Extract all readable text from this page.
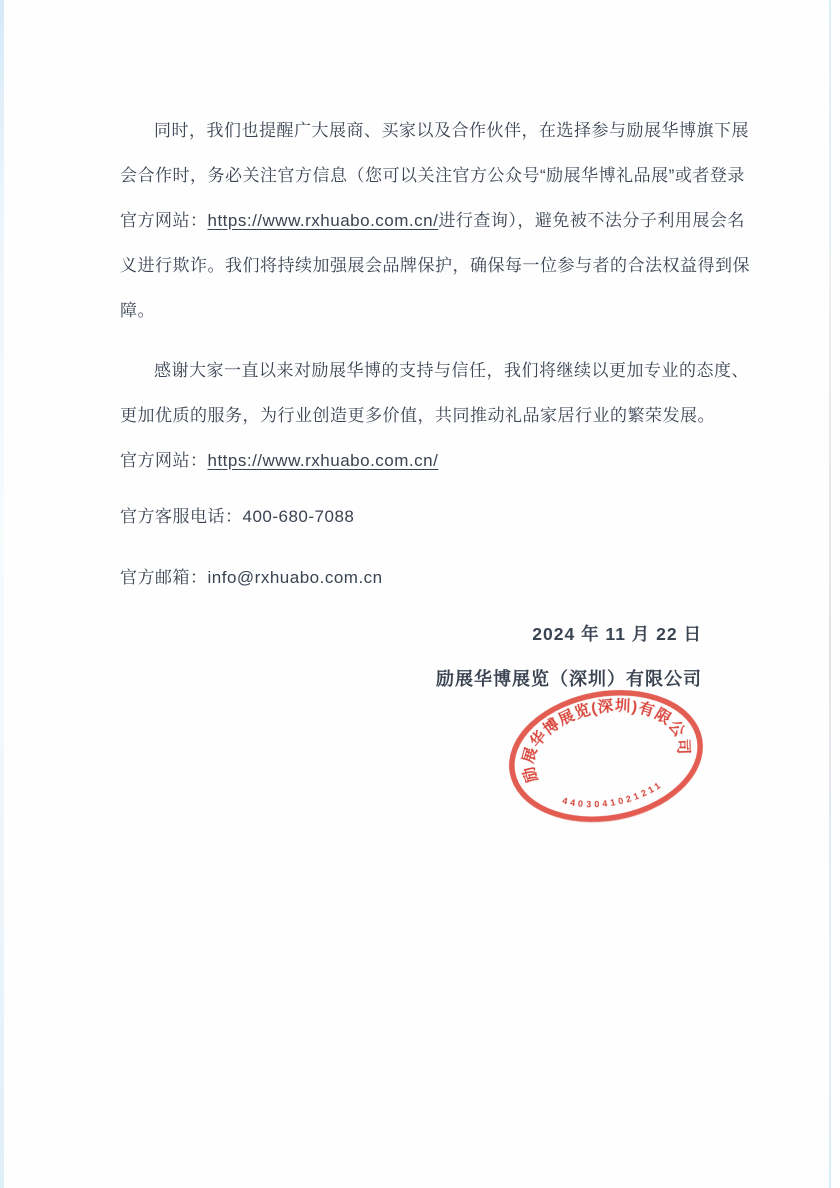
同时，我们也提醒广大展商、买家以及合作伙伴，在选择参与励展华博旗下展
会合作时，务必关注官方信息（您可以关注官方公众号“励展华博礼品展”或者登录
官方网站：https://www.rxhuabo.com.cn/进行查询），避免被不法分子利用展会名
义进行欺诈。我们将持续加强展会品牌保护，确保每一位参与者的合法权益得到保
障。
感谢大家一直以来对励展华博的支持与信任，我们将继续以更加专业的态度、
更加优质的服务，为行业创造更多价值，共同推动礼品家居行业的繁荣发展。
官方网站：https://www.rxhuabo.com.cn/
官方客服电话：400-680-7088
官方邮箱：info@rxhuabo.com.cn
2024 年 11 月 22 日
励展华博展览（深圳）有限公司
励展华博展览(深圳)有限公司
4403041021211
